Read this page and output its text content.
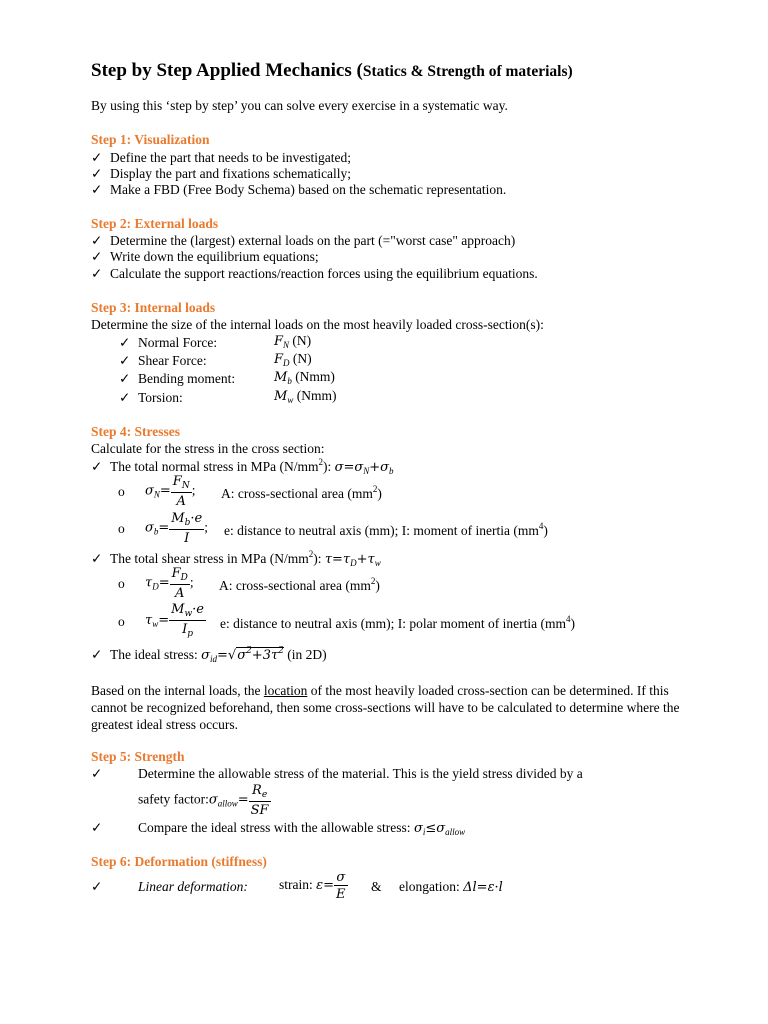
Step by Step Applied Mechanics (Statics & Strength of materials)
By using this ‘step by step’ you can solve every exercise in a systematic way.
Step 1: Visualization
✓ Define the part that needs to be investigated;
✓ Display the part and fixations schematically;
✓ Make a FBD (Free Body Schema) based on the schematic representation.
Step 2: External loads
✓ Determine the (largest) external loads on the part (="worst case" approach)
✓ Write down the equilibrium equations;
✓ Calculate the support reactions/reaction forces using the equilibrium equations.
Step 3: Internal loads
Determine the size of the internal loads on the most heavily loaded cross-section(s):
✓ Normal Force:	$F_N$ (N)
✓ Shear Force:	$F_D$ (N)
✓ Bending moment:	$M_b$ (Nmm)
✓ Torsion:	$M_w$ (Nmm)
Step 4: Stresses
Calculate for the stress in the cross section:
✓ The total normal stress in MPa $(N/mm^2)$: $\sigma=\sigma_N+\sigma_b$
o $\sigma_N= \frac{F_N}{A}$ ; A: cross-sectional area $(mm^2)$
o $\sigma_b= \frac{M_b\cdot e}{I}$ ; e: distance to neutral axis (mm); I: moment of inertia $(mm^4)$
✓ The total shear stress in MPa $(N/mm^2)$: $\tau=\tau_D+\tau_w$
o $\tau_D= \frac{F_D}{A}$ ; A: cross-sectional area $(mm^2)$
o $\tau_w= \frac{M_w\cdot e}{I_p} e$: distance to neutral axis (mm); I: polar moment of inertia $(mm^4)$
✓ The ideal stress: $\sigma_{id}=√\sigma^2+3\tau^2$ (in 2D)
Based on the internal loads, the location of the most heavily loaded cross-section can be determined. If this cannot be recognized beforehand, then some cross-sections will have to be calculated to determine where the greatest ideal stress occurs.
Step 5: Strength
✓	Determine the allowable stress of the material. This is the yield stress divided by a
safety $factor:\sigma_{allow}= \frac{R_e}{SF}$
✓	Compare the ideal stress with the allowable stress: $\sigma_i\le\sigma_{allow}$
Step 6: Deformation (stiffness)
✓	Linear deformation: strain: $\varepsilon= \frac{\sigma}{E}$ & elongation: Δl=ε·l
